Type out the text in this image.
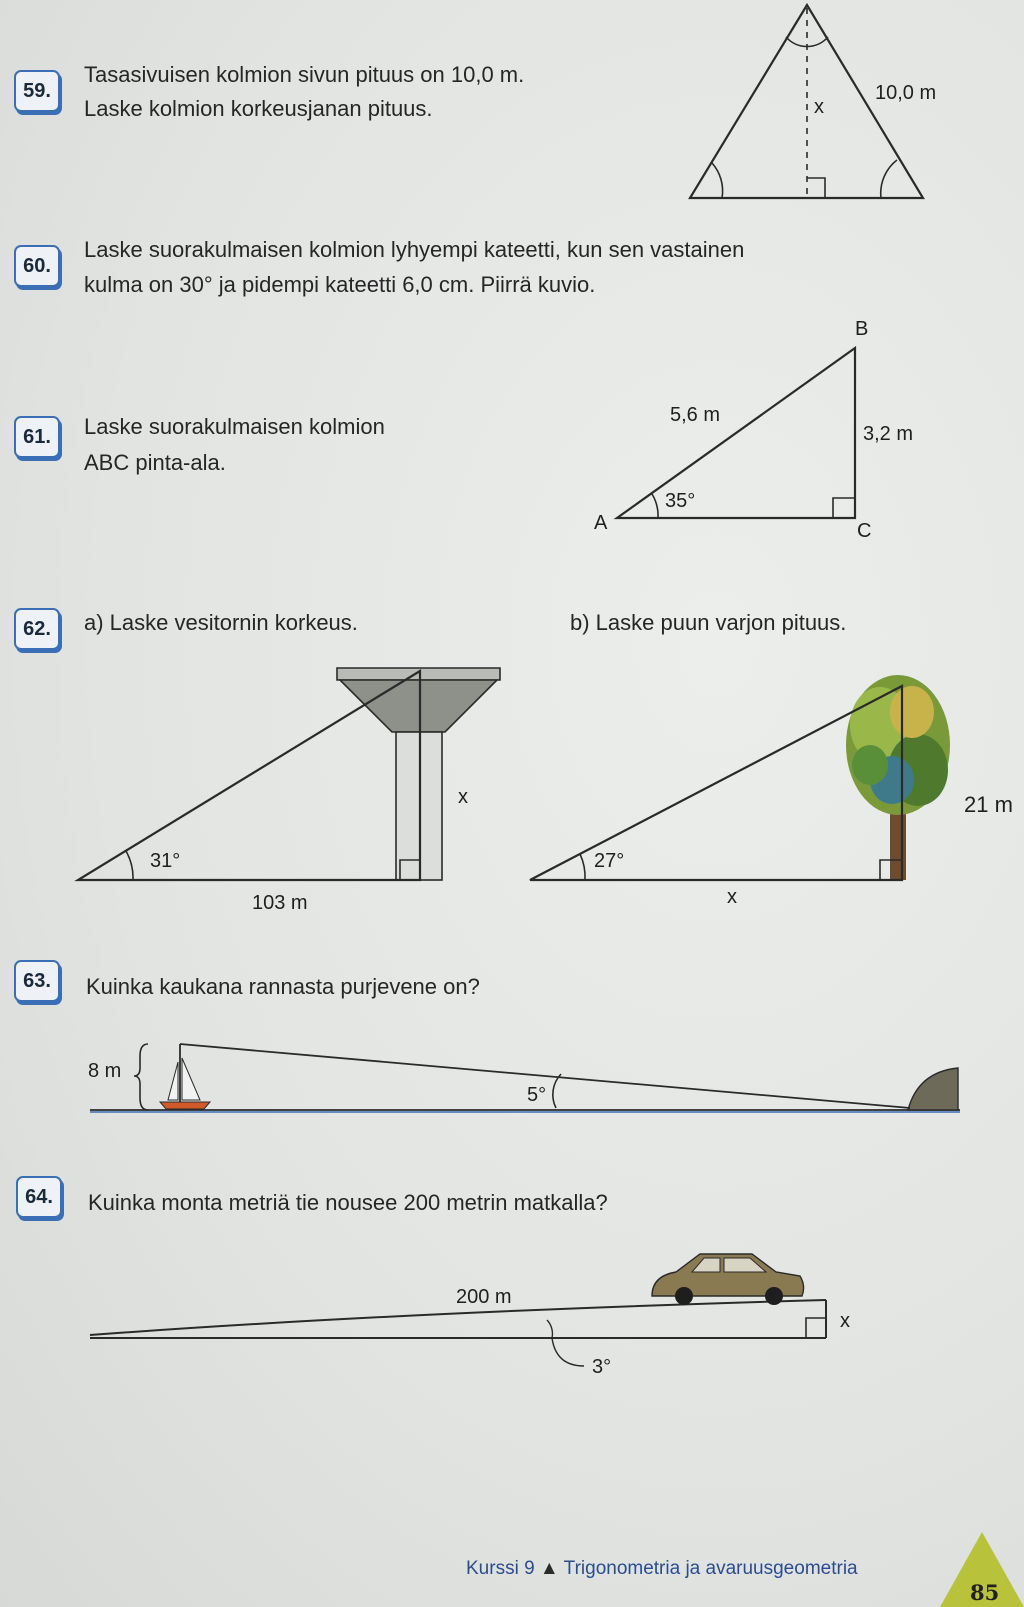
59.
Tasasivuisen kolmion sivun pituus on 10,0 m.
Laske kolmion korkeusjanan pituus.
10,0 m
x
60.
Laske suorakulmaisen kolmion lyhyempi kateetti, kun sen vastainen
kulma on 30° ja pidempi kateetti 6,0 cm. Piirrä kuvio.
61.	Laske suorakulmaisen kolmion
ABC pinta-ala.
A
B
C
5,6 m
3,2 m
35°
62.	a) Laske vesitornin korkeus.	b) Laske puun varjon pituus.
31°
103 m
x
27°
x
21 m
63.	Kuinka kaukana rannasta purjevene on?
8 m
5°
64.	Kuinka monta metriä tie nousee 200 metrin matkalla?
200 m
x
3°
Kurssi 9 ▲ Trigonometria ja avaruusgeometria
85
